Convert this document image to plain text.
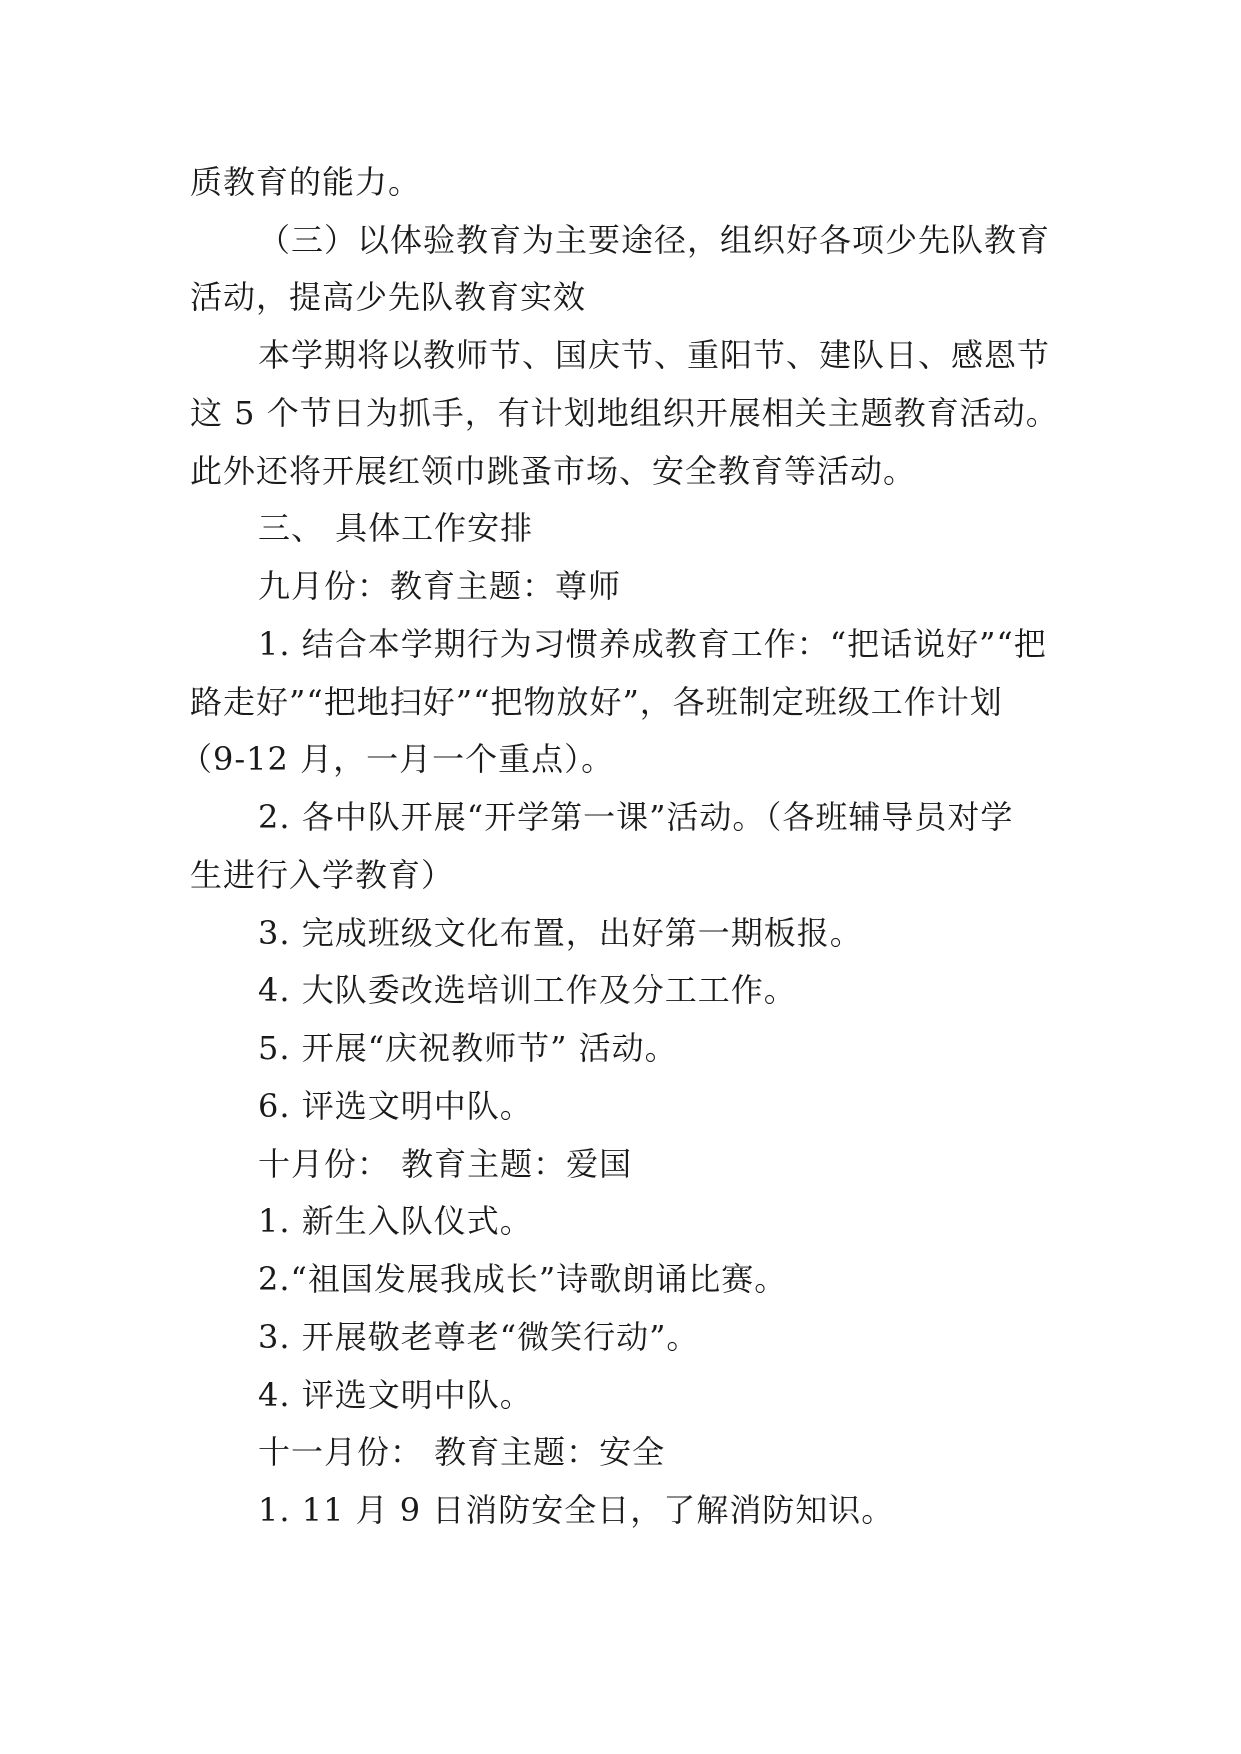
质教育的能力。

（三）以体验教育为主要途径，组织好各项少先队教育

活动，提高少先队教育实效

本学期将以教师节、国庆节、重阳节、建队日、感恩节

这 5 个节日为抓手，有计划地组织开展相关主题教育活动。

此外还将开展红领巾跳蚤市场、安全教育等活动。

三、 具体工作安排

九月份：教育主题：尊师

1. 结合本学期行为习惯养成教育工作：“把话说好”“把

路走好”“把地扫好”“把物放好”，各班制定班级工作计划

（9-12 月，一月一个重点）。

2. 各中队开展“开学第一课”活动。（各班辅导员对学

生进行入学教育）

3. 完成班级文化布置，出好第一期板报。

4. 大队委改选培训工作及分工工作。

5. 开展“庆祝教师节” 活动。

6. 评选文明中队。

十月份： 教育主题：爱国

1. 新生入队仪式。

2.“祖国发展我成长”诗歌朗诵比赛。

3. 开展敬老尊老“微笑行动”。

4. 评选文明中队。

十一月份： 教育主题：安全

1. 11 月 9 日消防安全日，了解消防知识。
